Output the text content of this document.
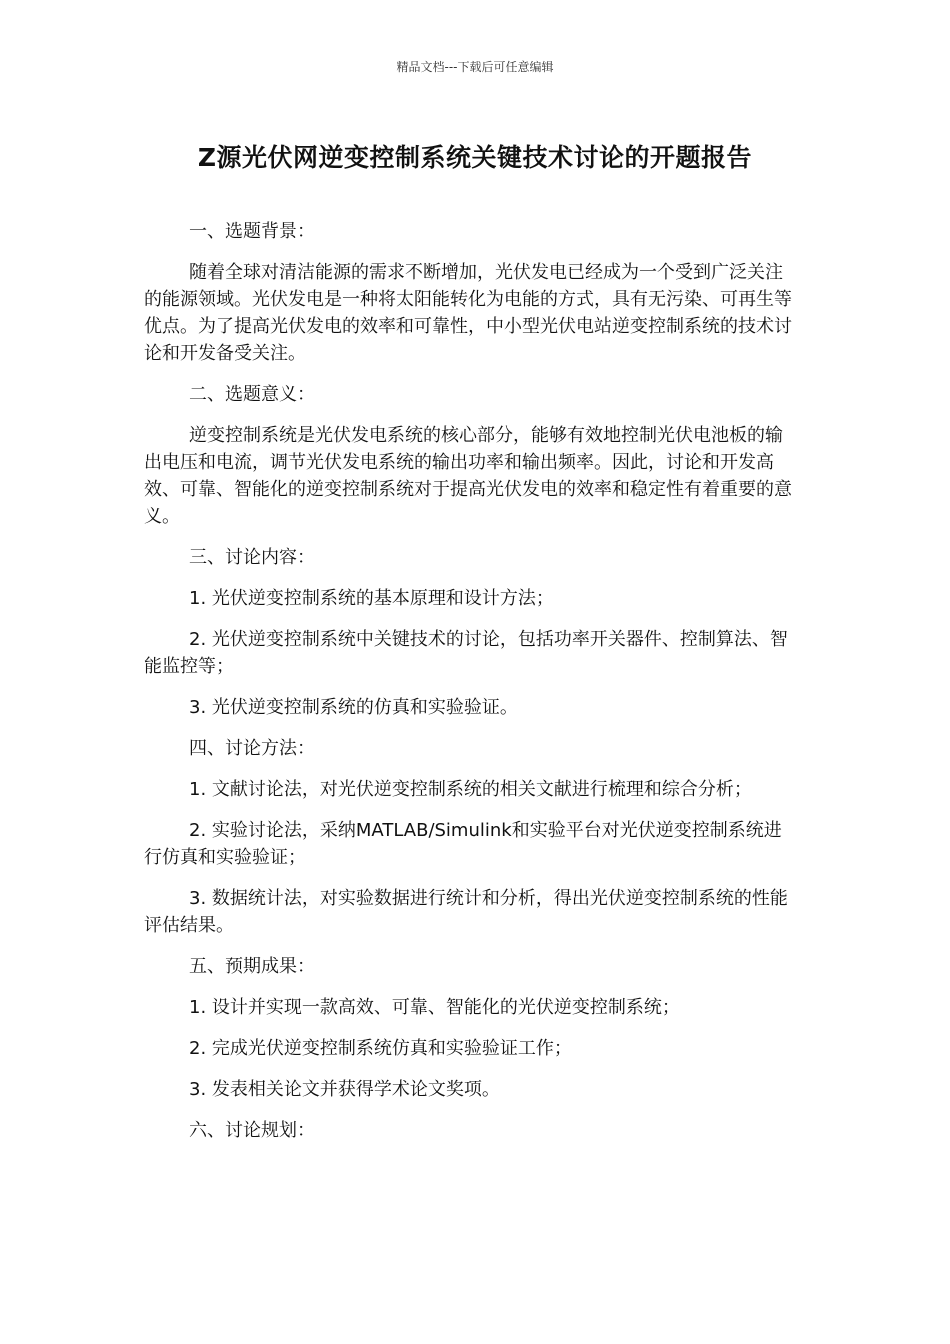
精品文档---下载后可任意编辑
Z源光伏网逆变控制系统关键技术讨论的开题报告

一、选题背景：

随着全球对清洁能源的需求不断增加，光伏发电已经成为一个受到广泛关注的能源领域。光伏发电是一种将太阳能转化为电能的方式，具有无污染、可再生等优点。为了提高光伏发电的效率和可靠性，中小型光伏电站逆变控制系统的技术讨论和开发备受关注。

二、选题意义：

逆变控制系统是光伏发电系统的核心部分，能够有效地控制光伏电池板的输出电压和电流，调节光伏发电系统的输出功率和输出频率。因此，讨论和开发高效、可靠、智能化的逆变控制系统对于提高光伏发电的效率和稳定性有着重要的意义。

三、讨论内容：

1. 光伏逆变控制系统的基本原理和设计方法；

2. 光伏逆变控制系统中关键技术的讨论，包括功率开关器件、控制算法、智能监控等；

3. 光伏逆变控制系统的仿真和实验验证。

四、讨论方法：

1. 文献讨论法，对光伏逆变控制系统的相关文献进行梳理和综合分析；

2. 实验讨论法，采纳MATLAB/Simulink和实验平台对光伏逆变控制系统进行仿真和实验验证；

3. 数据统计法，对实验数据进行统计和分析，得出光伏逆变控制系统的性能评估结果。

五、预期成果：

1. 设计并实现一款高效、可靠、智能化的光伏逆变控制系统；

2. 完成光伏逆变控制系统仿真和实验验证工作；

3. 发表相关论文并获得学术论文奖项。

六、讨论规划：
